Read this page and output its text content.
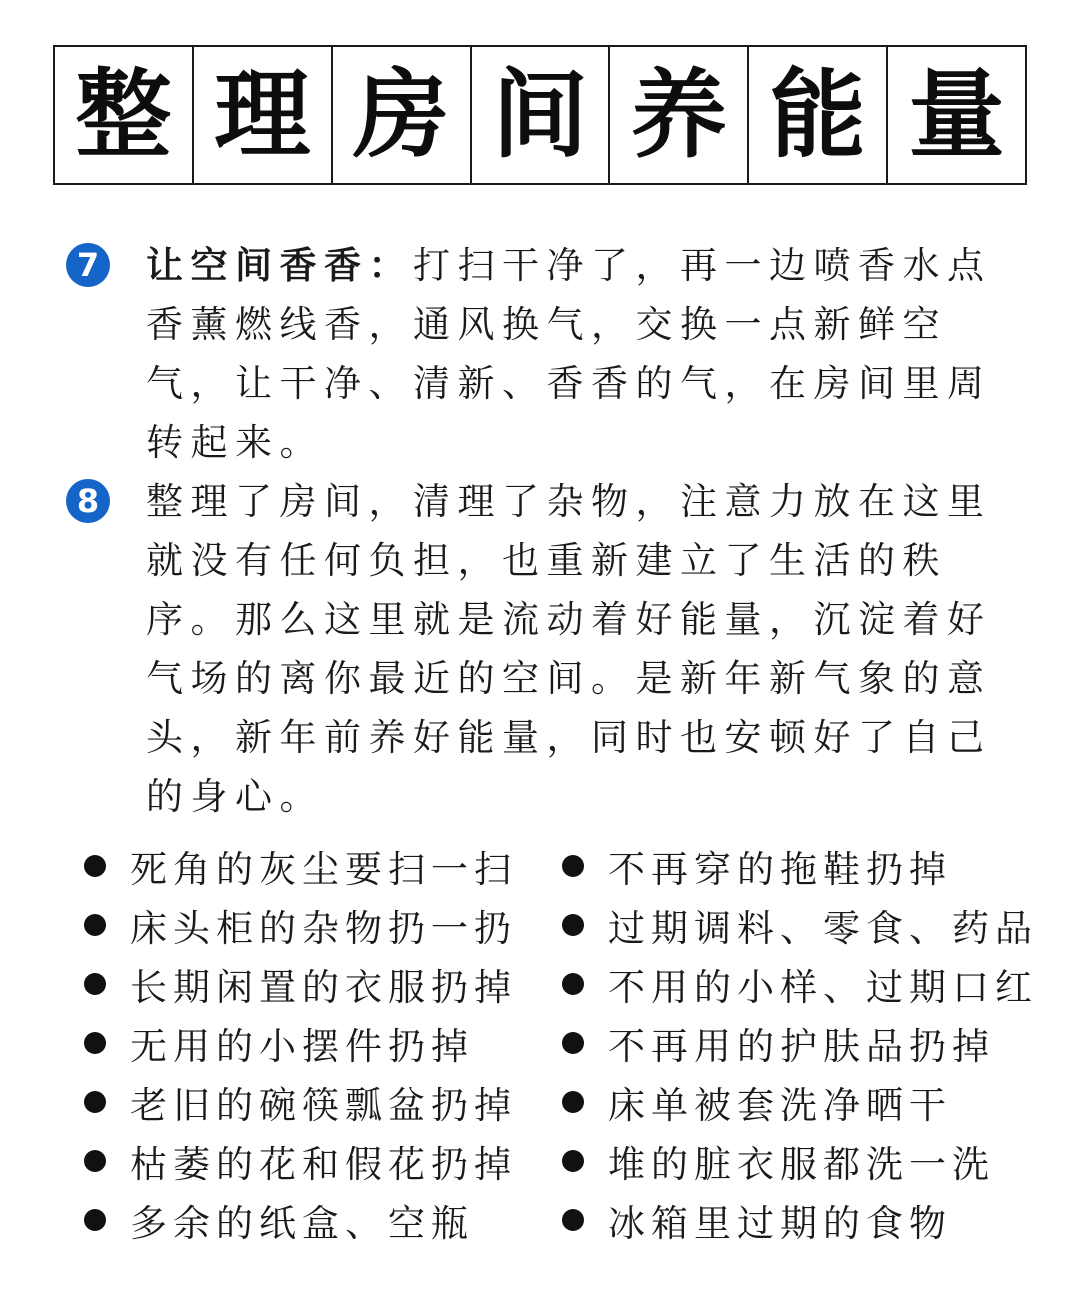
整 理 房 间 养 能 量
7 让空间香香：打扫干净了，再一边喷香水点香薰燃线香，通风换气，交换一点新鲜空气，让干净、清新、香香的气，在房间里周转起来。

8 整理了房间，清理了杂物，注意力放在这里就没有任何负担，也重新建立了生活的秩序。那么这里就是流动着好能量，沉淀着好气场的离你最近的空间。是新年新气象的意头，新年前养好能量，同时也安顿好了自己的身心。

死角的灰尘要扫一扫
床头柜的杂物扔一扔
长期闲置的衣服扔掉
无用的小摆件扔掉
老旧的碗筷瓢盆扔掉
枯萎的花和假花扔掉
多余的纸盒、空瓶
不再穿的拖鞋扔掉
过期调料、零食、药品
不用的小样、过期口红
不再用的护肤品扔掉
床单被套洗净晒干
堆的脏衣服都洗一洗
冰箱里过期的食物
